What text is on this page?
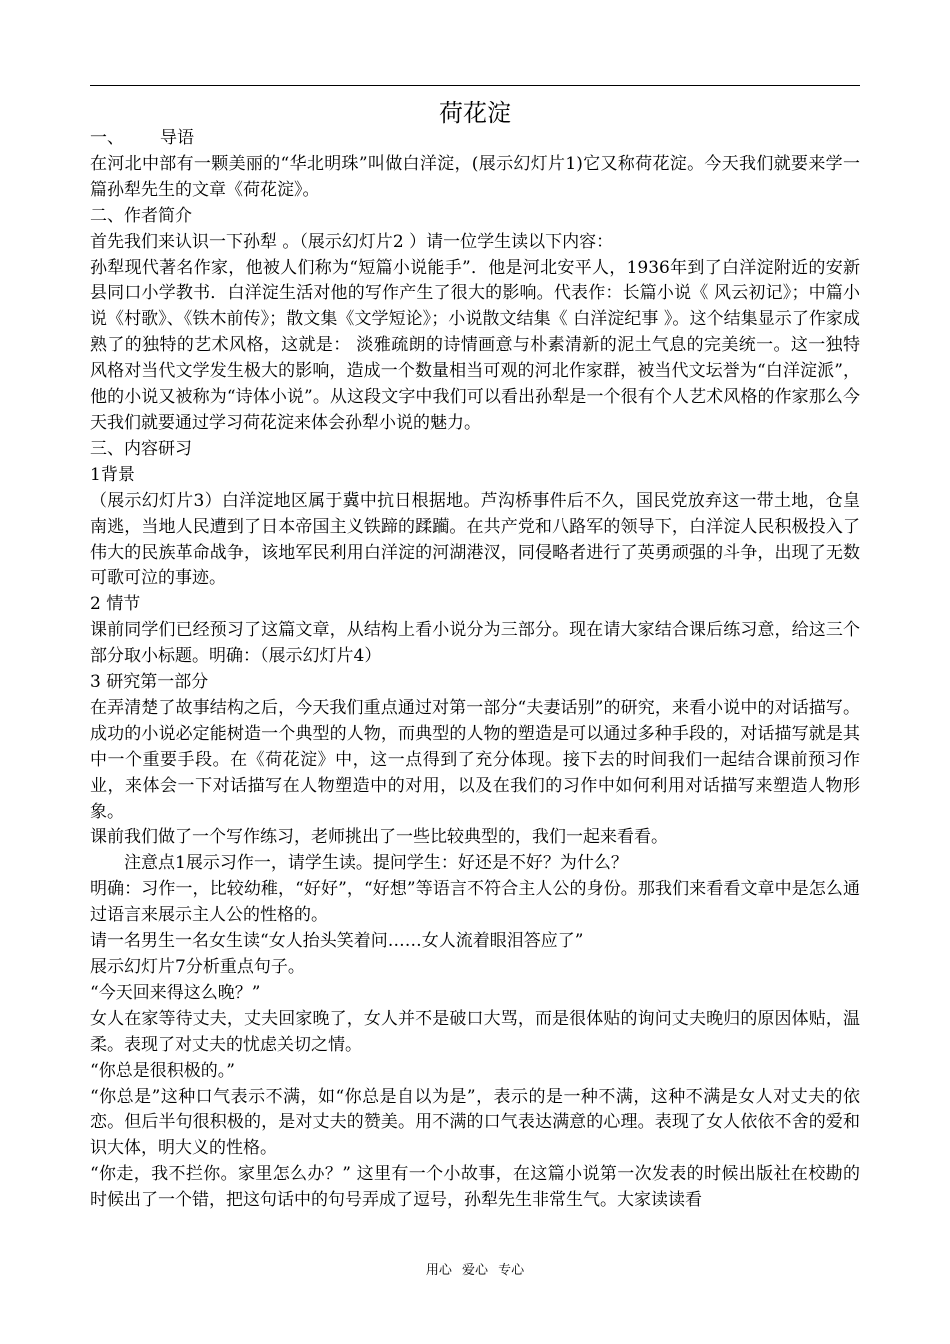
荷花淀

一、 导语

在河北中部有一颗美丽的“华北明珠”叫做白洋淀，(展示幻灯片1)它又称荷花淀。今天我们就要来学一篇孙犁先生的文章《荷花淀》。

二、作者简介

首先我们来认识一下孙犁 。（展示幻灯片2 ）请一位学生读以下内容：

孙犁现代著名作家，他被人们称为“短篇小说能手”．他是河北安平人，1936年到了白洋淀附近的安新县同口小学教书．白洋淀生活对他的写作产生了很大的影响。代表作：长篇小说《 风云初记》；中篇小说《村歌》、《铁木前传》；散文集《文学短论》；小说散文结集《 白洋淀纪事 》。这个结集显示了作家成熟了的独特的艺术风格，这就是： 淡雅疏朗的诗情画意与朴素清新的泥土气息的完美统一。这一独特风格对当代文学发生极大的影响，造成一个数量相当可观的河北作家群，被当代文坛誉为“白洋淀派”，他的小说又被称为“诗体小说”。从这段文字中我们可以看出孙犁是一个很有个人艺术风格的作家那么今天我们就要通过学习荷花淀来体会孙犁小说的魅力。

三、内容研习

1背景

（展示幻灯片3）白洋淀地区属于冀中抗日根据地。芦沟桥事件后不久，国民党放弃这一带土地，仓皇南逃，当地人民遭到了日本帝国主义铁蹄的蹂躏。在共产党和八路军的领导下，白洋淀人民积极投入了伟大的民族革命战争，该地军民利用白洋淀的河湖港汊，同侵略者进行了英勇顽强的斗争，出现了无数可歌可泣的事迹。

2 情节

课前同学们已经预习了这篇文章，从结构上看小说分为三部分。现在请大家结合课后练习意，给这三个部分取小标题。明确：（展示幻灯片4）

3 研究第一部分

在弄清楚了故事结构之后，今天我们重点通过对第一部分“夫妻话别”的研究，来看小说中的对话描写。成功的小说必定能树造一个典型的人物，而典型的人物的塑造是可以通过多种手段的，对话描写就是其中一个重要手段。在《荷花淀》中，这一点得到了充分体现。接下去的时间我们一起结合课前预习作业，来体会一下对话描写在人物塑造中的对用，以及在我们的习作中如何利用对话描写来塑造人物形象。

课前我们做了一个写作练习，老师挑出了一些比较典型的，我们一起来看看。

注意点1展示习作一，请学生读。提问学生：好还是不好？为什么？

明确：习作一，比较幼稚，“好好”，“好想”等语言不符合主人公的身份。那我们来看看文章中是怎么通过语言来展示主人公的性格的。

请一名男生一名女生读“女人抬头笑着问……女人流着眼泪答应了”

展示幻灯片7分析重点句子。

“今天回来得这么晚？”

女人在家等待丈夫，丈夫回家晚了，女人并不是破口大骂，而是很体贴的询问丈夫晚归的原因体贴，温柔。表现了对丈夫的忧虑关切之情。

“你总是很积极的。”

“你总是”这种口气表示不满，如“你总是自以为是”，表示的是一种不满，这种不满是女人对丈夫的依恋。但后半句很积极的，是对丈夫的赞美。用不满的口气表达满意的心理。表现了女人依依不舍的爱和识大体，明大义的性格。

“你走，我不拦你。家里怎么办？” 这里有一个小故事，在这篇小说第一次发表的时候出版社在校勘的时候出了一个错，把这句话中的句号弄成了逗号，孙犁先生非常生气。大家读读看

用心 爱心 专心
